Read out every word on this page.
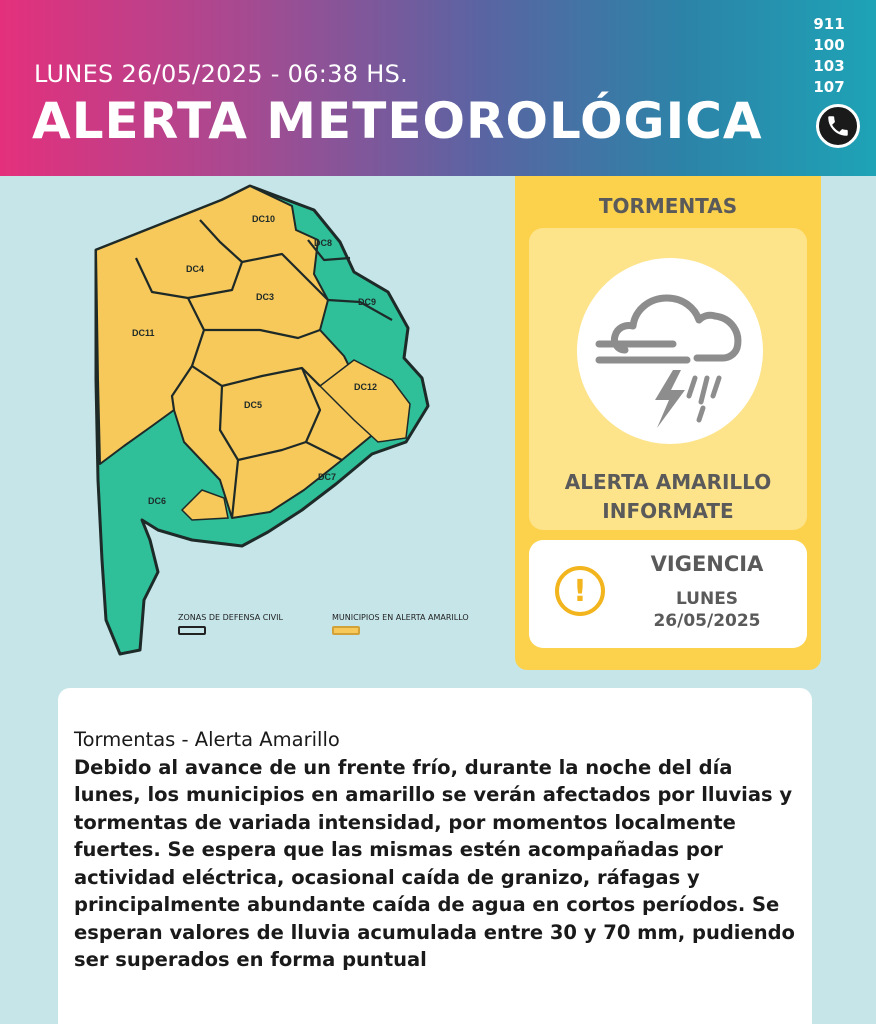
LUNES 26/05/2025 - 06:38 HS.
ALERTA METEOROLÓGICA
911
100
103
107
DC10
DC8
DC4
DC3	DC9
DC11
DC12
DC5
DC7
DC6
ZONAS DE DEFENSA CIVIL	MUNICIPIOS EN ALERTA AMARILLO
TORMENTAS
ALERTA AMARILLO
INFORMATE
!
VIGENCIA
LUNES
26/05/2025
Tormentas - Alerta Amarillo
Debido al avance de un frente frío, durante la noche del día lunes, los municipios en amarillo se verán afectados por lluvias y tormentas de variada intensidad, por momentos localmente fuertes. Se espera que las mismas estén acompañadas por actividad eléctrica, ocasional caída de granizo, ráfagas y principalmente abundante caída de agua en cortos períodos. Se esperan valores de lluvia acumulada entre 30 y 70 mm, pudiendo ser superados en forma puntual
